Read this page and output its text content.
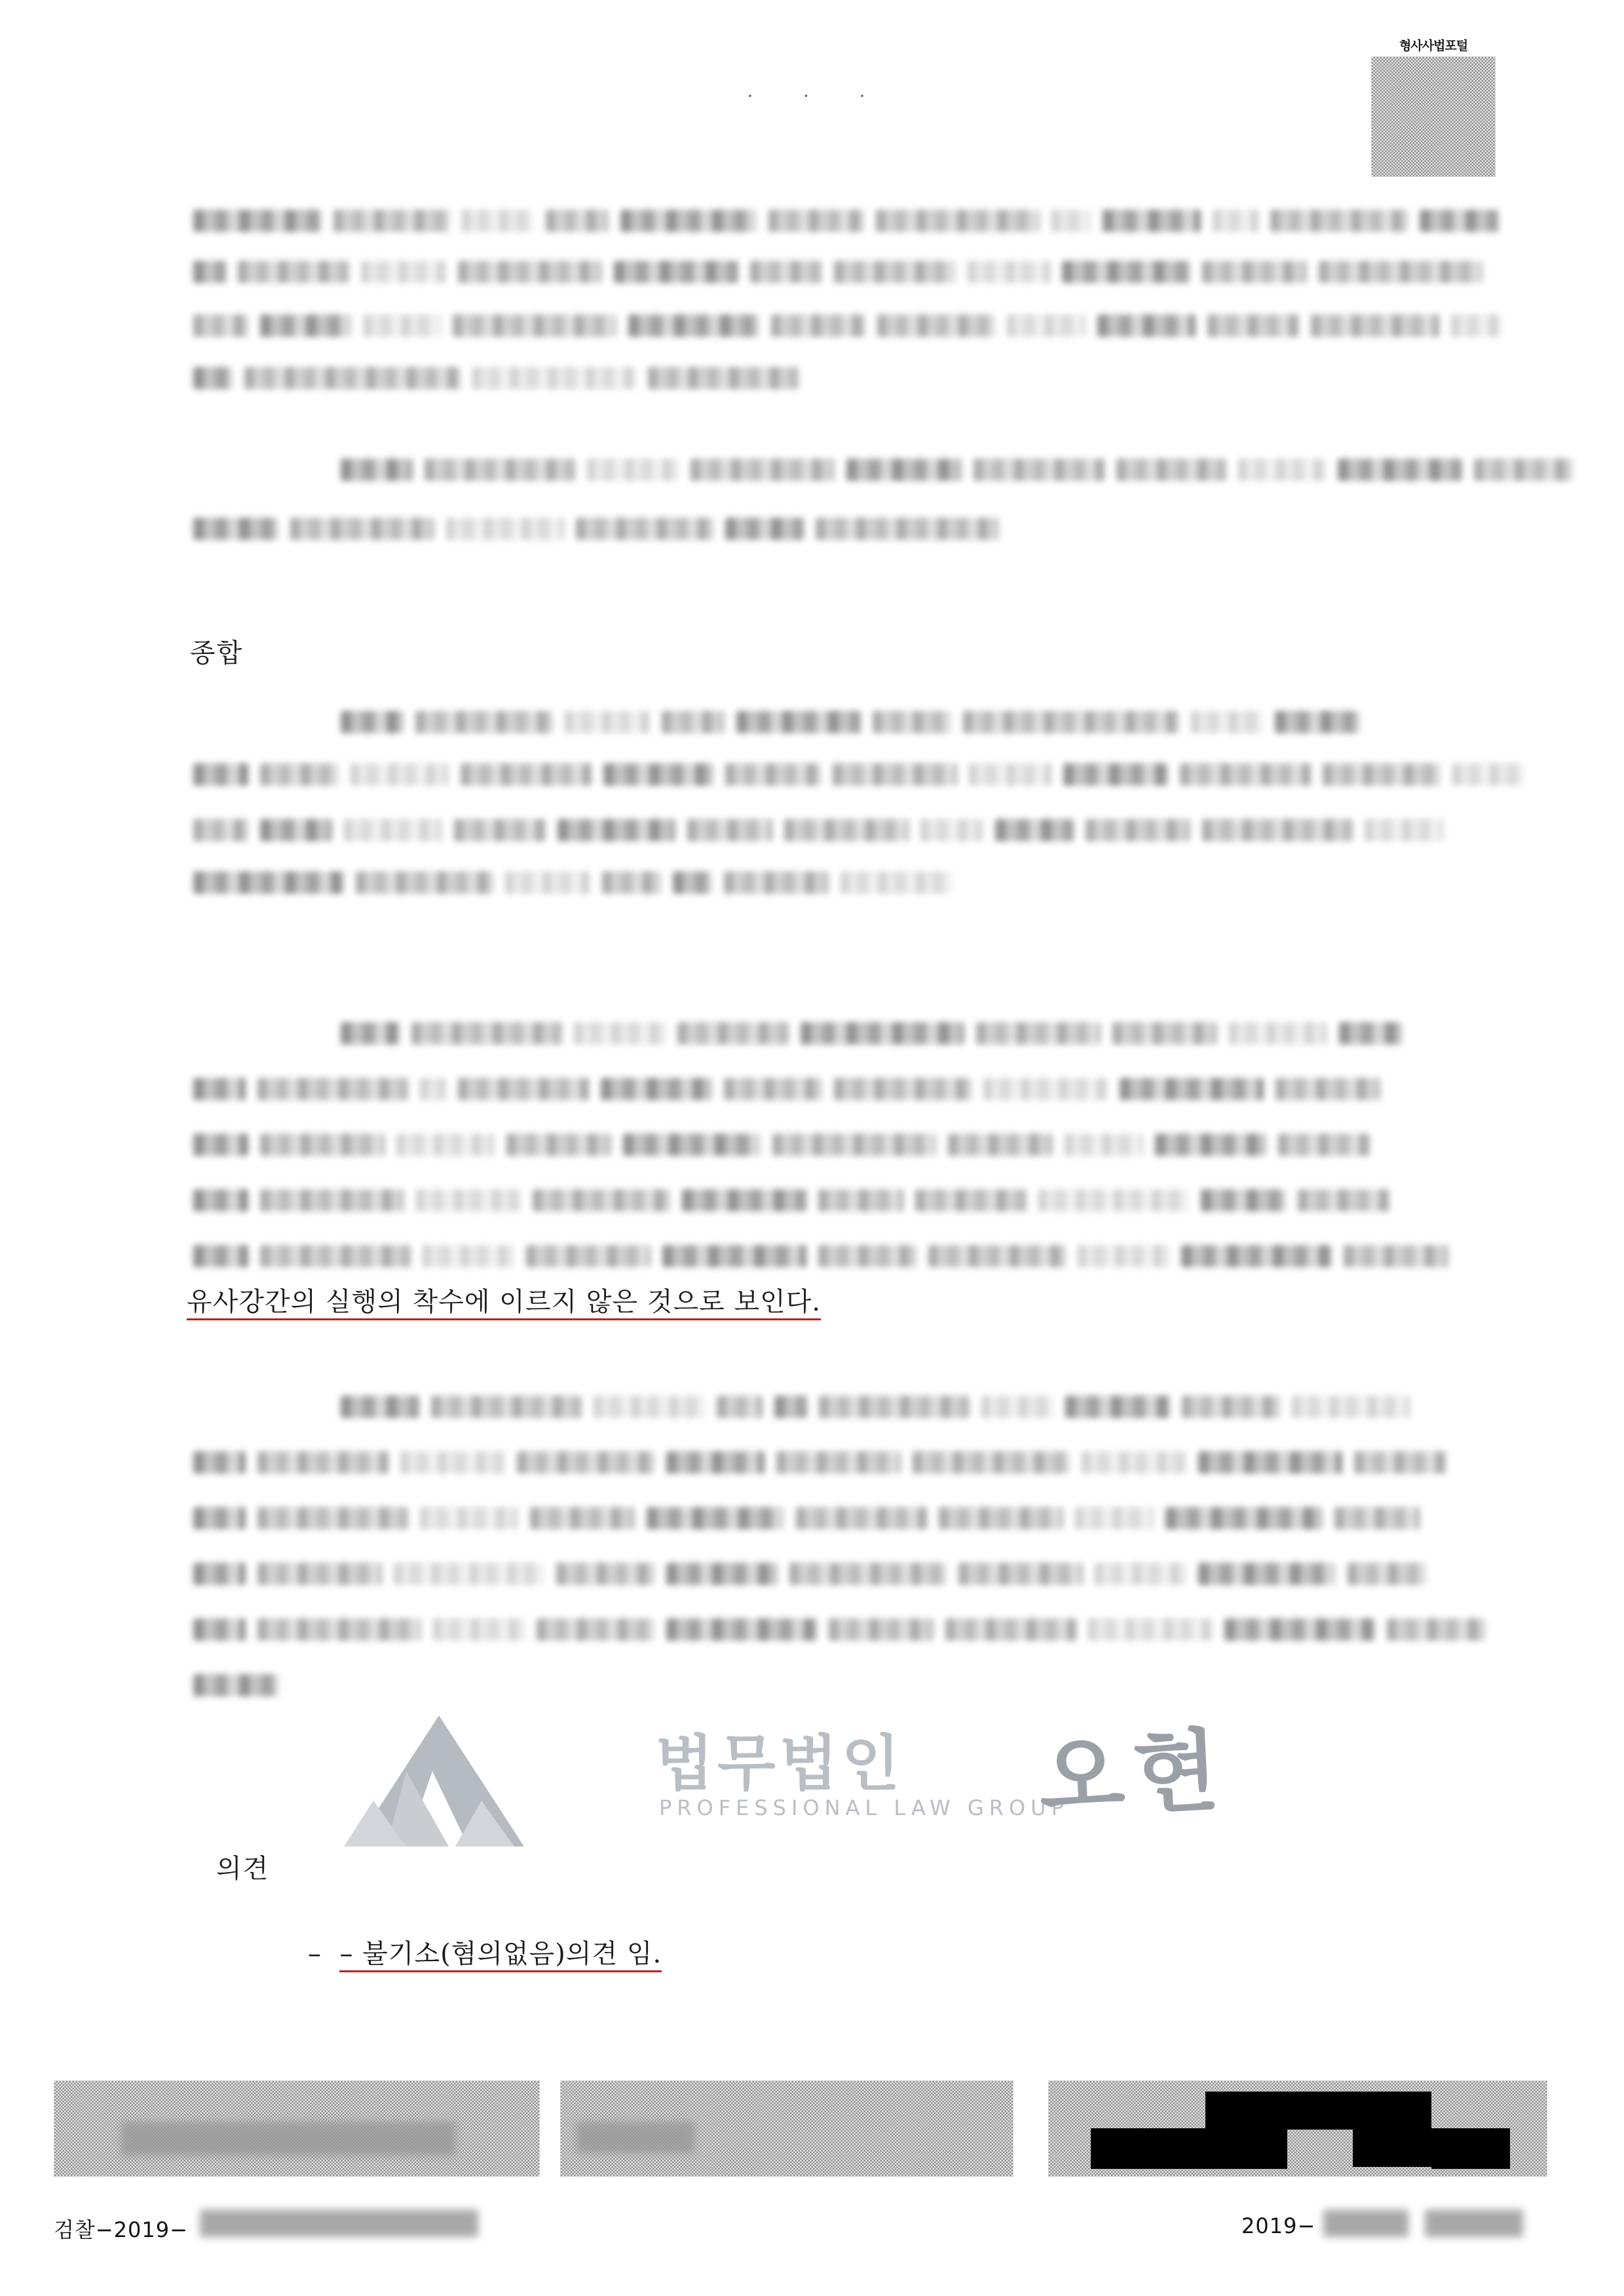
· · ·
형사사법포털
종합
유사강간의 실행의 착수에 이르지 않은 것으로 보인다.
법무법인
PROFESSIONAL LAW GROUP
오현
의견
–  – 불기소(혐의없음)의견 임.
검찰−2019−	2019−
